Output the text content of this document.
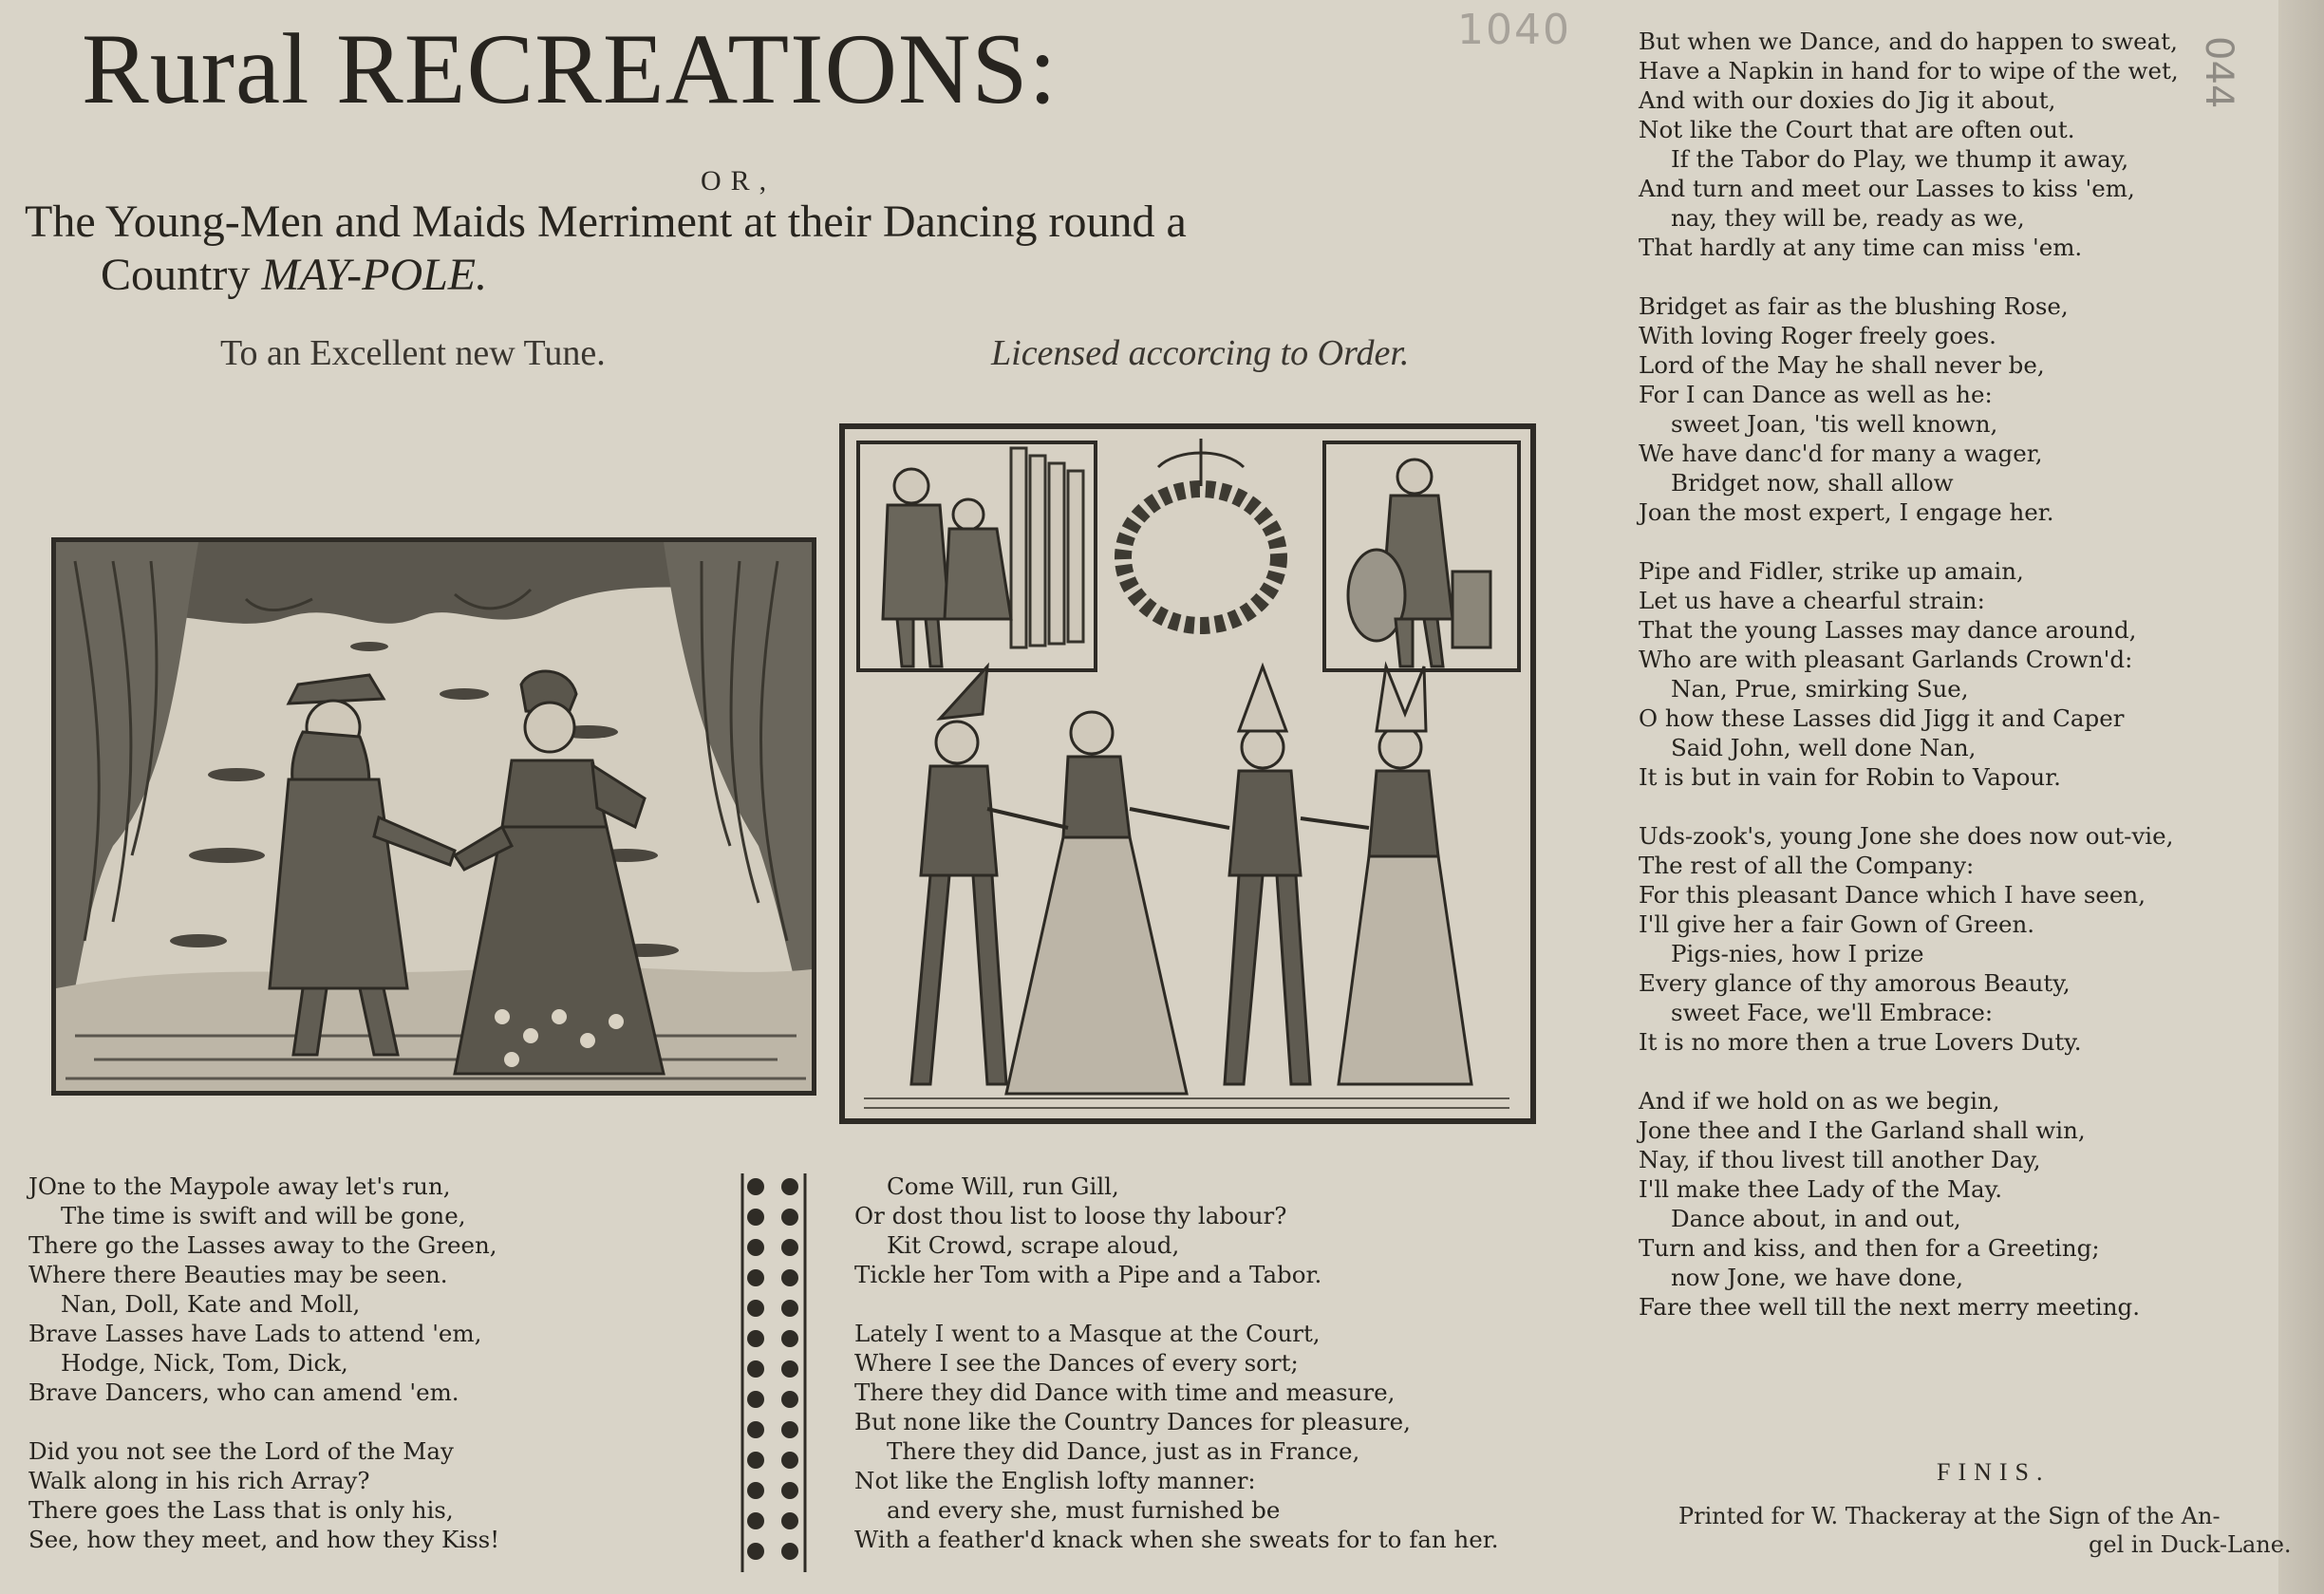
1040
044
Rural RECREATIONS:
OR,
The Young-Men and Maids Merriment at their Dancing round a
Country MAY-POLE.
To an Excellent new Tune.	Licensed accorcing to Order.
JOne to the Maypole away let's run,
The time is swift and will be gone,
There go the Lasses away to the Green,
Where there Beauties may be seen.
Nan, Doll, Kate and Moll,
Brave Lasses have Lads to attend 'em,
Hodge, Nick, Tom, Dick,
Brave Dancers, who can amend 'em.
Did you not see the Lord of the May
Walk along in his rich Array?
There goes the Lass that is only his,
See, how they meet, and how they Kiss!
Come Will, run Gill,
Or dost thou list to loose thy labour?
Kit Crowd, scrape aloud,
Tickle her Tom with a Pipe and a Tabor.
Lately I went to a Masque at the Court,
Where I see the Dances of every sort;
There they did Dance with time and measure,
But none like the Country Dances for pleasure,
There they did Dance, just as in France,
Not like the English lofty manner:
and every she, must furnished be
With a feather'd knack when she sweats for to fan her.
But when we Dance, and do happen to sweat,
Have a Napkin in hand for to wipe of the wet,
And with our doxies do Jig it about,
Not like the Court that are often out.
If the Tabor do Play, we thump it away,
And turn and meet our Lasses to kiss 'em,
nay, they will be, ready as we,
That hardly at any time can miss 'em.
Bridget as fair as the blushing Rose,
With loving Roger freely goes.
Lord of the May he shall never be,
For I can Dance as well as he:
sweet Joan, 'tis well known,
We have danc'd for many a wager,
Bridget now, shall allow
Joan the most expert, I engage her.
Pipe and Fidler, strike up amain,
Let us have a chearful strain:
That the young Lasses may dance around,
Who are with pleasant Garlands Crown'd:
Nan, Prue, smirking Sue,
O how these Lasses did Jigg it and Caper
Said John, well done Nan,
It is but in vain for Robin to Vapour.
Uds-zook's, young Jone she does now out-vie,
The rest of all the Company:
For this pleasant Dance which I have seen,
I'll give her a fair Gown of Green.
Pigs-nies, how I prize
Every glance of thy amorous Beauty,
sweet Face, we'll Embrace:
It is no more then a true Lovers Duty.
And if we hold on as we begin,
Jone thee and I the Garland shall win,
Nay, if thou livest till another Day,
I'll make thee Lady of the May.
Dance about, in and out,
Turn and kiss, and then for a Greeting;
now Jone, we have done,
Fare thee well till the next merry meeting.
FINIS.
Printed for W. Thackeray at the Sign of the An-
gel in Duck-Lane.
